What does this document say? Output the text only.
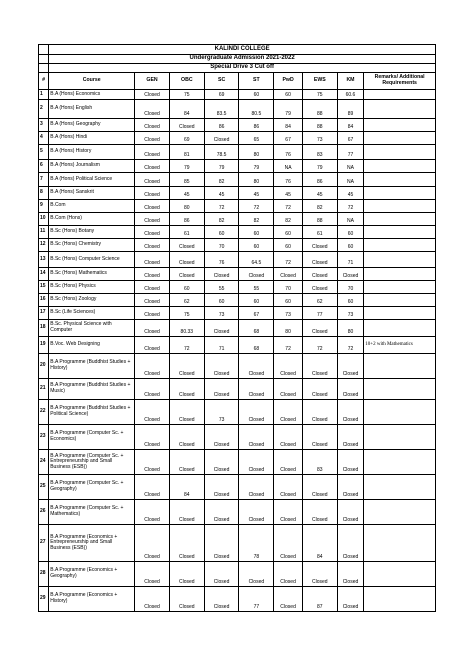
	KALINDI COLLEGE								
	Undergraduate Admission 2021-2022								
	Special Drive 3 Cut off								
#	Course	GEN	OBC	SC	ST	PwD	EWS	KM	Remarks/ Additional Requirements
1	B.A (Hons) Economics	Closed	75	69	60	60	75	60.6	
2	B.A (Hons) English	Closed	84	83.5	80.5	79	88	89	
3	B.A (Hons) Geography	Closed	Closed	86	86	84	88	84	
4	B.A (Hons) Hindi	Closed	69	Closed	65	67	73	67	
5	B.A (Hons) History	Closed	81	78.5	80	76	83	77	
6	B.A (Hons) Journalism	Closed	79	79	79	NA	79	NA	
7	B.A (Hons) Political Science	Closed	85	82	80	76	86	NA	
8	B.A (Hons) Sanskrit	Closed	45	45	45	45	45	45	
9	B.Com	Closed	80	72	72	72	82	72	
10	B.Com (Hons)	Closed	86	82	82	82	88	NA	
11	B.Sc (Hons) Botany	Closed	61	60	60	60	61	60	
12	B.Sc (Hons) Chemistry	Closed	Closed	70	60	60	Closed	60	
13	B.Sc (Hons) Computer Science	Closed	Closed	76	64.5	72	Closed	71	
14	B.Sc (Hons) Mathematics	Closed	Closed	Closed	Closed	Closed	Closed	Closed	
15	B.Sc (Hons) Physics	Closed	60	55	55	70	Closed	70	
16	B.Sc (Hons) Zoology	Closed	62	60	60	60	62	60	
17	B.Sc (Life Sciences)	Closed	75	73	67	73	77	73	
18	B.Sc. Physical Science with Computer	Closed	80.33	Closed	68	80	Closed	80	
19	B.Voc. Web Designing	Closed	72	71	68	72	72	72	10+2 with Mathematics
20	B.A Programme (Buddhist Studies + History)	Closed	Closed	Closed	Closed	Closed	Closed	Closed	
21	B.A Programme (Buddhist Studies + Music)	Closed	Closed	Closed	Closed	Closed	Closed	Closed	
22	B.A Programme (Buddhist Studies + Political Science)	Closed	Closed	73	Closed	Closed	Closed	Closed	
23	B.A Programme (Computer Sc. + Economics)	Closed	Closed	Closed	Closed	Closed	Closed	Closed	
24	B.A Programme (Computer Sc. + Entrepreneurship and Small Business (ESB))	Closed	Closed	Closed	Closed	Closed	83	Closed	
25	B.A Programme (Computer Sc. + Geography)	Closed	84	Closed	Closed	Closed	Closed	Closed	
26	B.A Programme (Computer Sc. + Mathematics)	Closed	Closed	Closed	Closed	Closed	Closed	Closed	
27	B.A Programme (Economics + Entrepreneurship and Small Business (ESB))	Closed	Closed	Closed	78	Closed	84	Closed	
28	B.A Programme (Economics + Geography)	Closed	Closed	Closed	Closed	Closed	Closed	Closed	
29	B.A Programme (Economics + History)	Closed	Closed	Closed	77	Closed	87	Closed	
